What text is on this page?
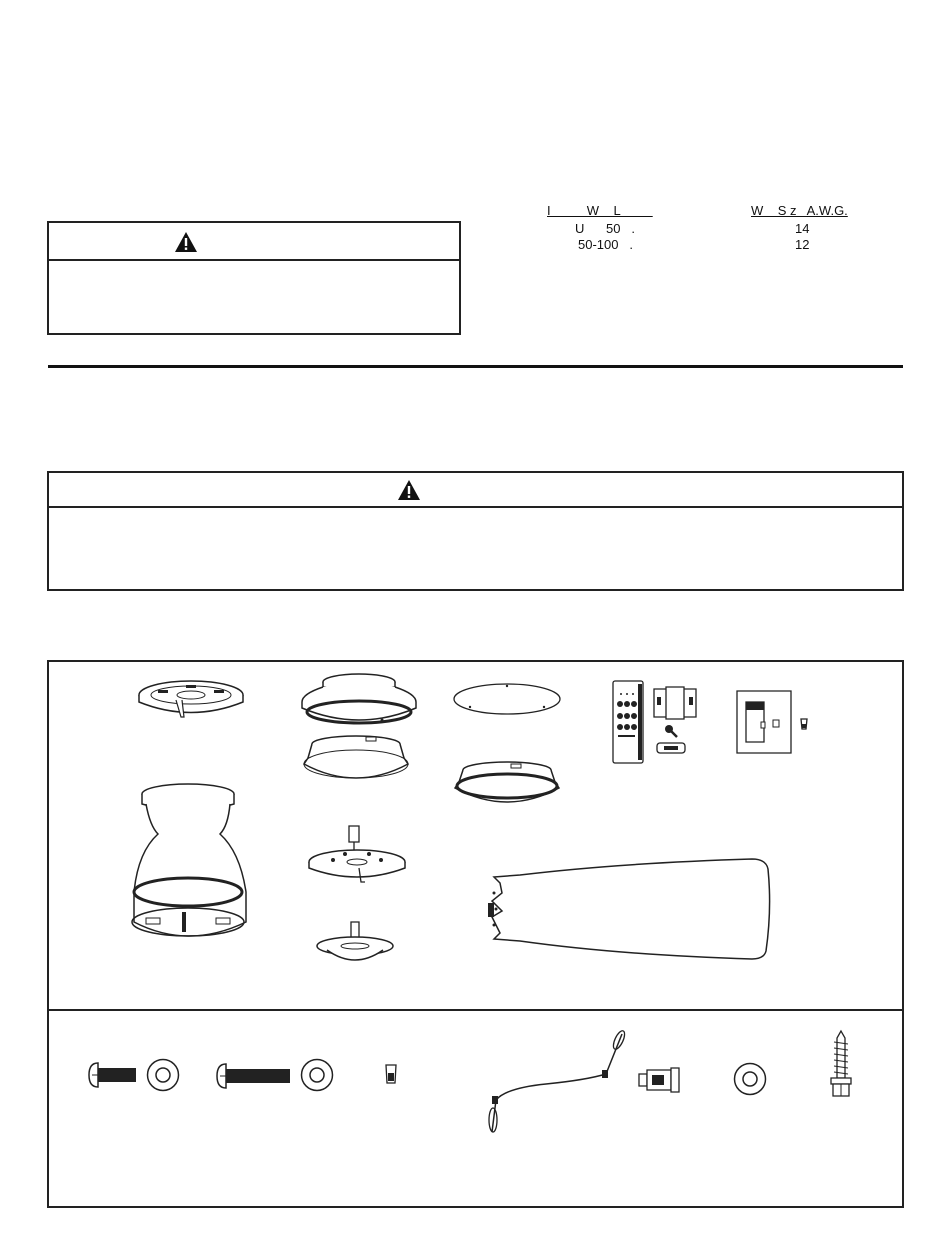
I          W    L	W    S z   A.W.G.
U      50   .	14
50-100   .	12
